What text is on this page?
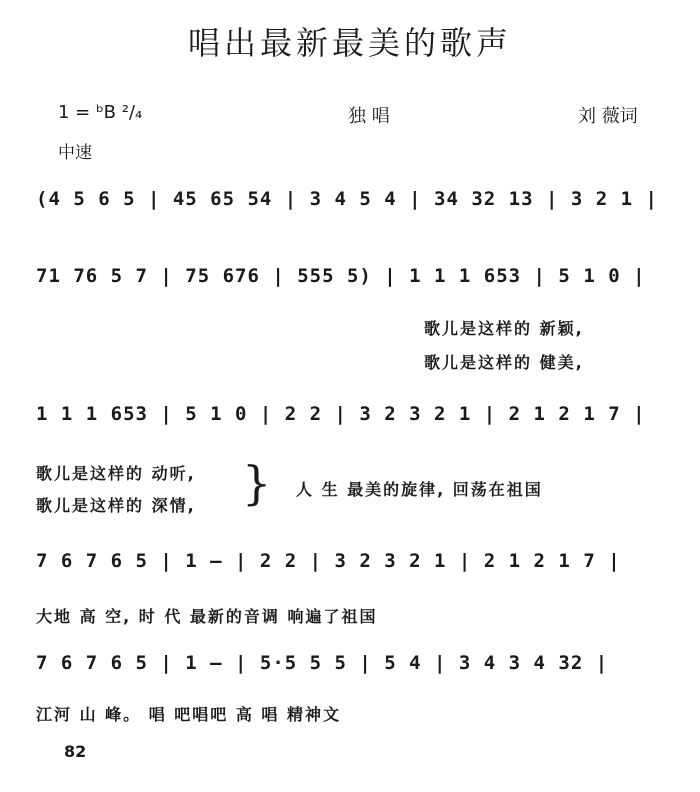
唱出最新最美的歌声
1 = ᵇB ²/₄	独 唱	刘 薇词
中速
(4 5 6 5 | 45 65 54 | 3 4 5 4 | 34 32 13 | 3 2 1 |
71 76 5 7 | 75 676 | 555 5) | 1 1 1 653 | 5 1 0 |
歌儿是这样的 新颖,
歌儿是这样的 健美,
1 1 1 653 | 5 1 0 | 2 2 | 3 2 3 2 1 | 2 1 2 1 7 |
歌儿是这样的 动听,
歌儿是这样的 深情, } 人 生 最美的旋律, 回荡在祖国
7 6 7 6 5 | 1 — | 2 2 | 3 2 3 2 1 | 2 1 2 1 7 |
大地 高 空, 时 代 最新的音调 响遍了祖国
7 6 7 6 5 | 1 — | 5·5 5 5 | 5 4 | 3 4 3 4 32 |
江河 山 峰。 唱 吧唱吧 高 唱 精神文
82
